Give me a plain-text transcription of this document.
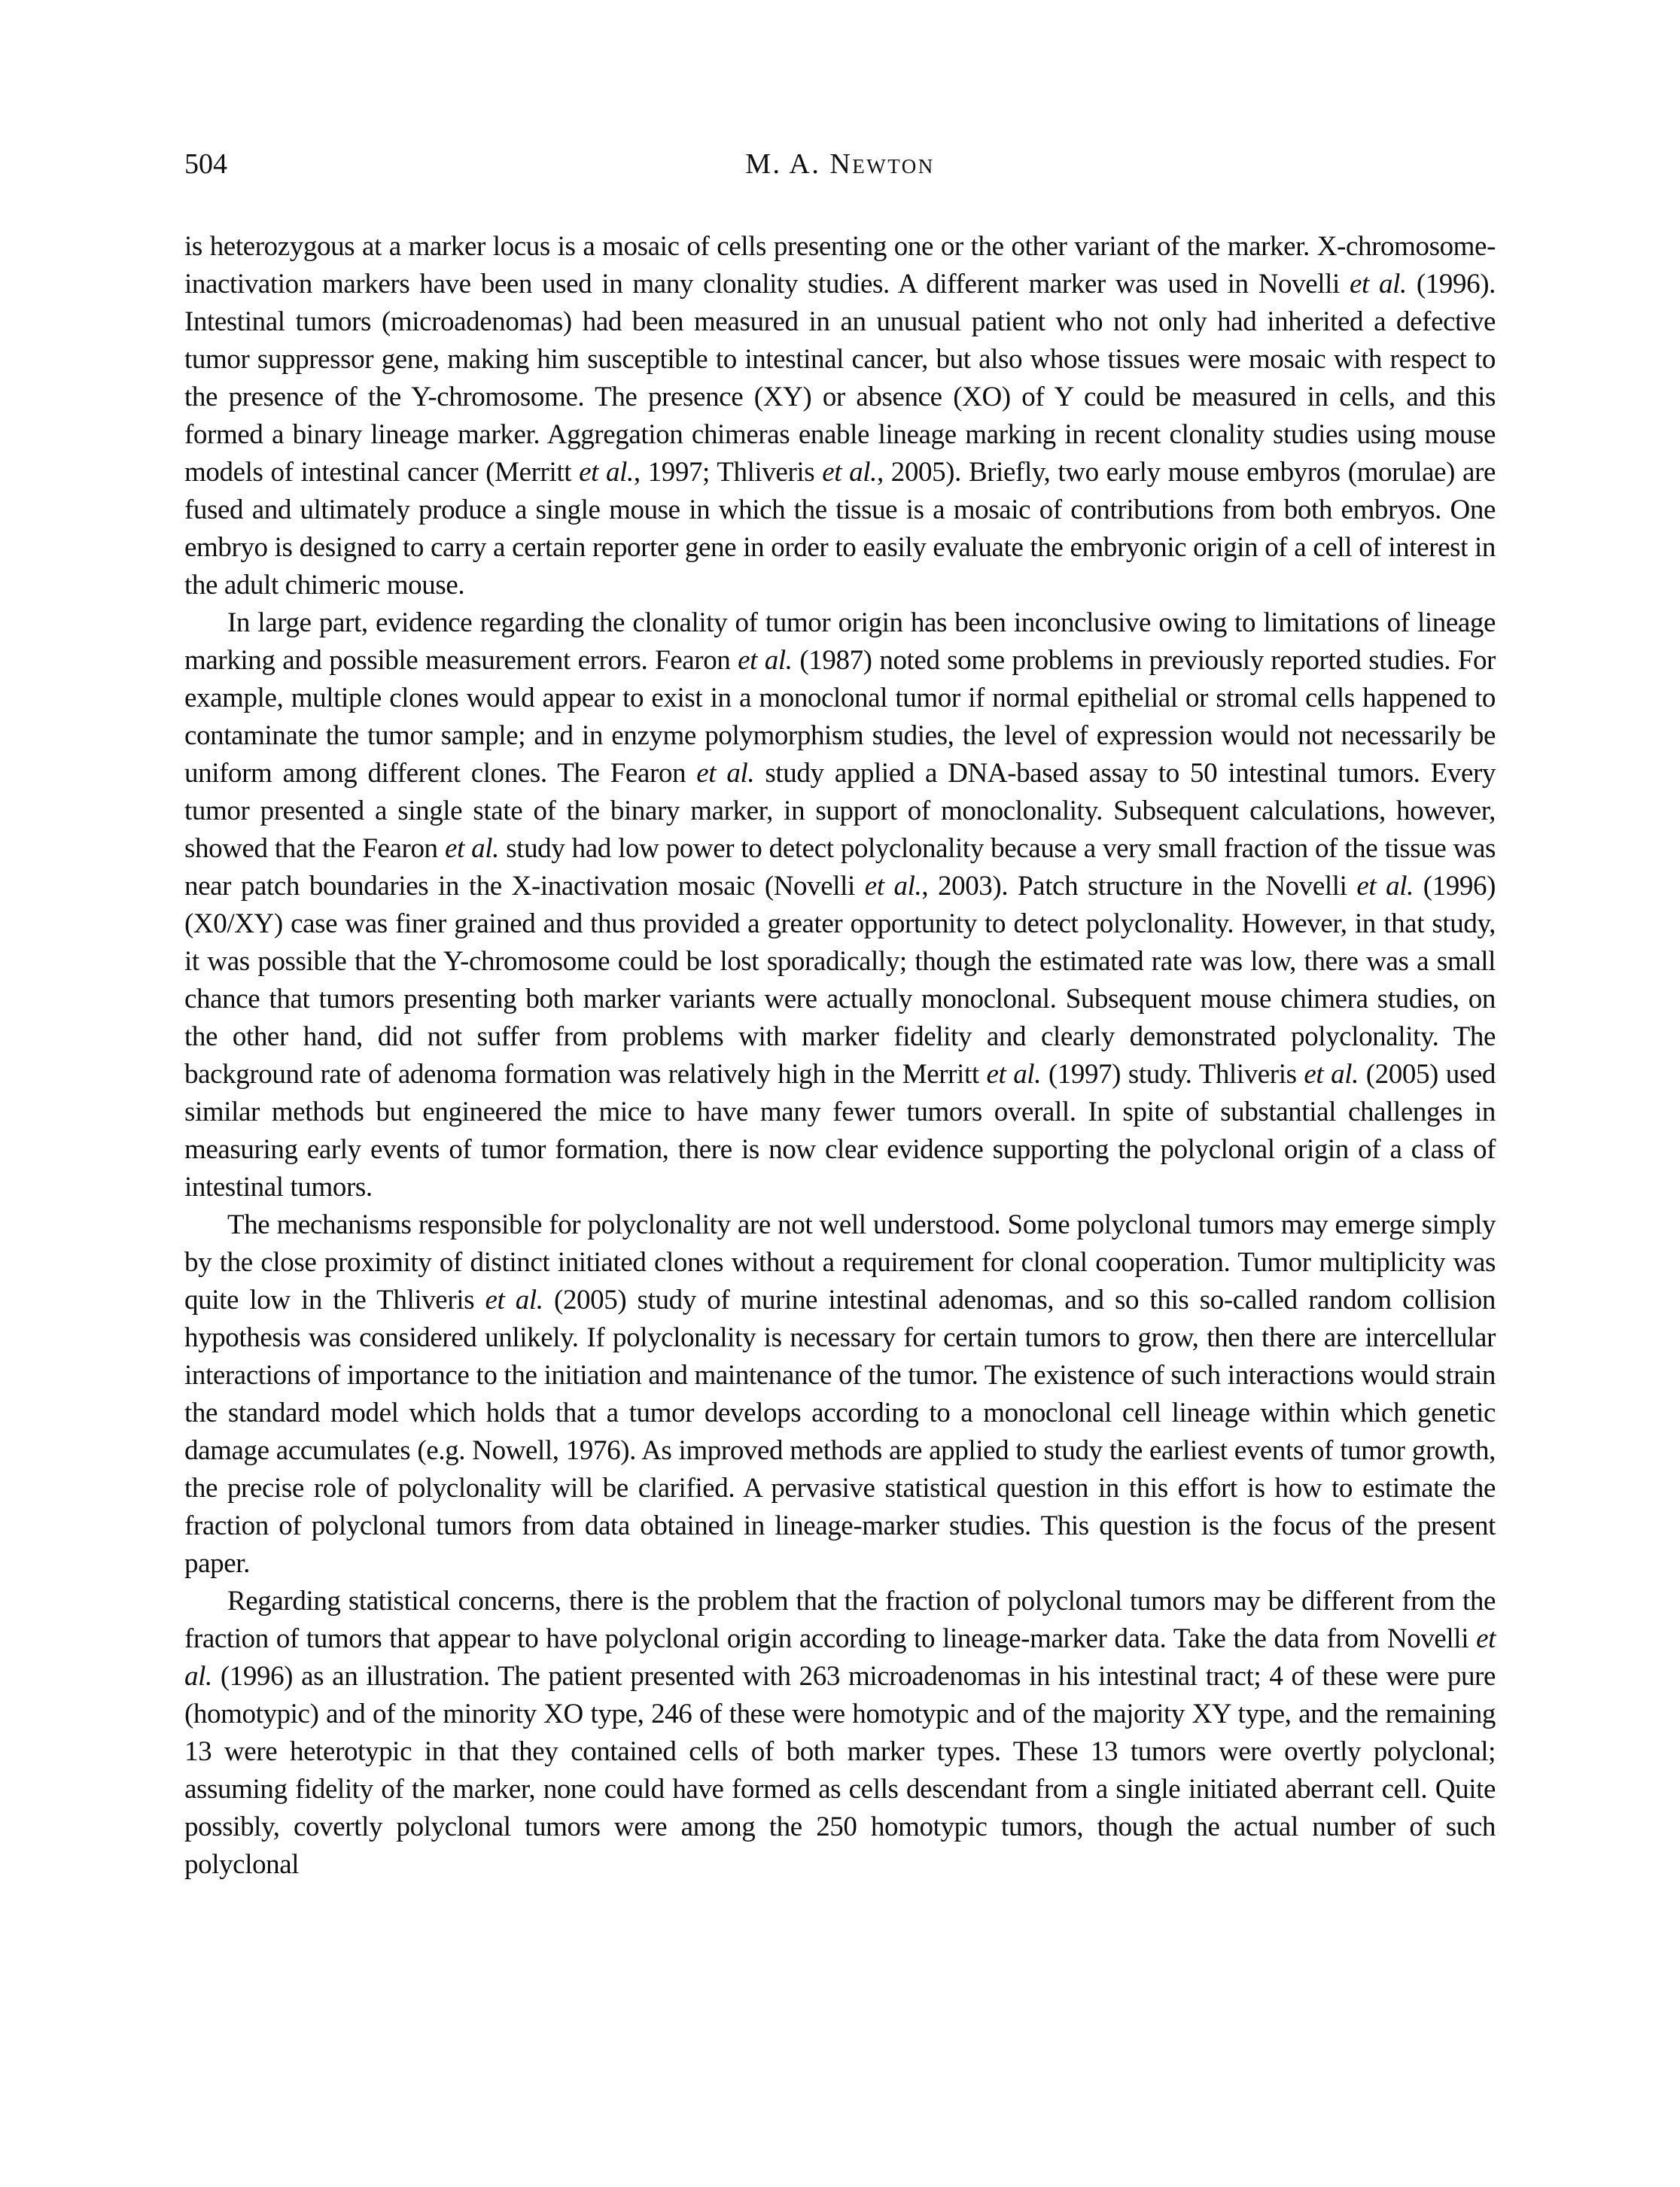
504	M. A. Newton

is heterozygous at a marker locus is a mosaic of cells presenting one or the other variant of the marker. X-chromosome-inactivation markers have been used in many clonality studies. A different marker was used in Novelli et al. (1996). Intestinal tumors (microadenomas) had been measured in an unusual patient who not only had inherited a defective tumor suppressor gene, making him susceptible to intestinal cancer, but also whose tissues were mosaic with respect to the presence of the Y-chromosome. The presence (XY) or absence (XO) of Y could be measured in cells, and this formed a binary lineage marker. Aggregation chimeras enable lineage marking in recent clonality studies using mouse models of intestinal cancer (Merritt et al., 1997; Thliveris et al., 2005). Briefly, two early mouse embyros (morulae) are fused and ultimately produce a single mouse in which the tissue is a mosaic of contributions from both embryos. One embryo is designed to carry a certain reporter gene in order to easily evaluate the embryonic origin of a cell of interest in the adult chimeric mouse.

In large part, evidence regarding the clonality of tumor origin has been inconclusive owing to limitations of lineage marking and possible measurement errors. Fearon et al. (1987) noted some problems in previously reported studies. For example, multiple clones would appear to exist in a monoclonal tumor if normal epithelial or stromal cells happened to contaminate the tumor sample; and in enzyme polymorphism studies, the level of expression would not necessarily be uniform among different clones. The Fearon et al. study applied a DNA-based assay to 50 intestinal tumors. Every tumor presented a single state of the binary marker, in support of monoclonality. Subsequent calculations, however, showed that the Fearon et al. study had low power to detect polyclonality because a very small fraction of the tissue was near patch boundaries in the X-inactivation mosaic (Novelli et al., 2003). Patch structure in the Novelli et al. (1996) (X0/XY) case was finer grained and thus provided a greater opportunity to detect polyclonality. However, in that study, it was possible that the Y-chromosome could be lost sporadically; though the estimated rate was low, there was a small chance that tumors presenting both marker variants were actually monoclonal. Subsequent mouse chimera studies, on the other hand, did not suffer from problems with marker fidelity and clearly demonstrated polyclonality. The background rate of adenoma formation was relatively high in the Merritt et al. (1997) study. Thliveris et al. (2005) used similar methods but engineered the mice to have many fewer tumors overall. In spite of substantial challenges in measuring early events of tumor formation, there is now clear evidence supporting the polyclonal origin of a class of intestinal tumors.

The mechanisms responsible for polyclonality are not well understood. Some polyclonal tumors may emerge simply by the close proximity of distinct initiated clones without a requirement for clonal cooperation. Tumor multiplicity was quite low in the Thliveris et al. (2005) study of murine intestinal adenomas, and so this so-called random collision hypothesis was considered unlikely. If polyclonality is necessary for certain tumors to grow, then there are intercellular interactions of importance to the initiation and maintenance of the tumor. The existence of such interactions would strain the standard model which holds that a tumor develops according to a monoclonal cell lineage within which genetic damage accumulates (e.g. Nowell, 1976). As improved methods are applied to study the earliest events of tumor growth, the precise role of polyclonality will be clarified. A pervasive statistical question in this effort is how to estimate the fraction of polyclonal tumors from data obtained in lineage-marker studies. This question is the focus of the present paper.

Regarding statistical concerns, there is the problem that the fraction of polyclonal tumors may be different from the fraction of tumors that appear to have polyclonal origin according to lineage-marker data. Take the data from Novelli et al. (1996) as an illustration. The patient presented with 263 microadenomas in his intestinal tract; 4 of these were pure (homotypic) and of the minority XO type, 246 of these were homotypic and of the majority XY type, and the remaining 13 were heterotypic in that they contained cells of both marker types. These 13 tumors were overtly polyclonal; assuming fidelity of the marker, none could have formed as cells descendant from a single initiated aberrant cell. Quite possibly, covertly polyclonal tumors were among the 250 homotypic tumors, though the actual number of such polyclonal
